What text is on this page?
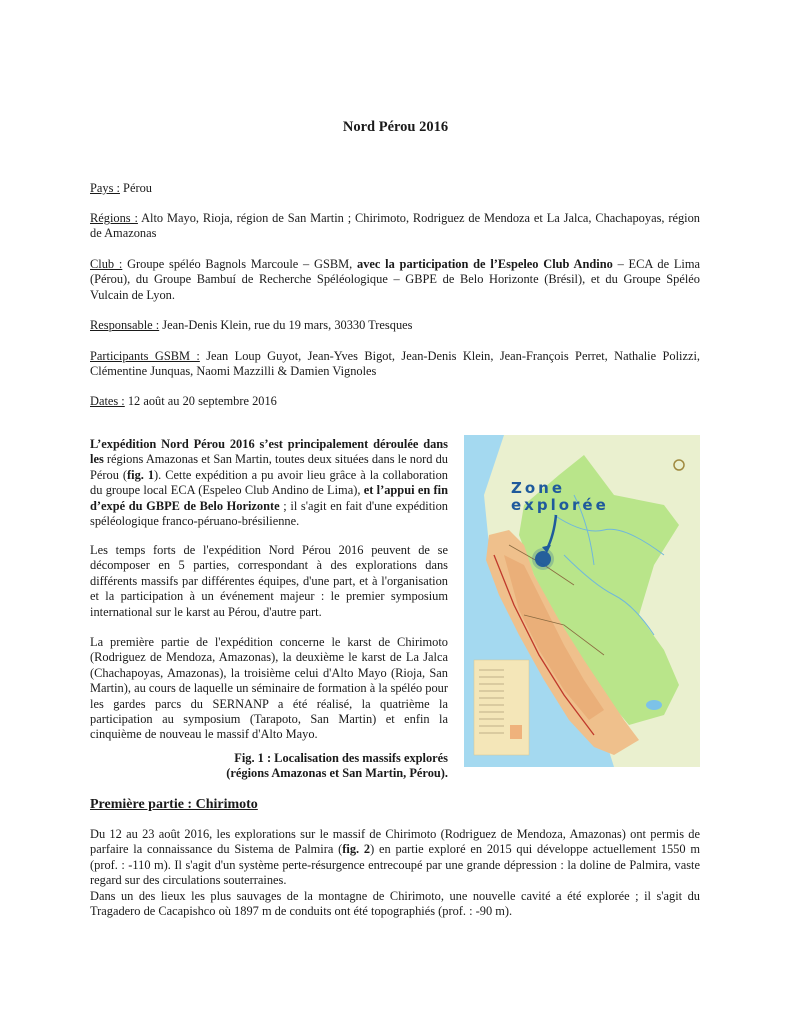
Nord Pérou 2016
Pays : Pérou
Régions : Alto Mayo, Rioja, région de San Martin ; Chirimoto, Rodriguez de Mendoza et La Jalca, Chachapoyas, région de Amazonas
Club : Groupe spéléo Bagnols Marcoule – GSBM, avec la participation de l’Espeleo Club Andino – ECA de Lima (Pérou), du Groupe Bambuí de Recherche Spéléologique – GBPE de Belo Horizonte (Brésil), et du Groupe Spéléo Vulcain de Lyon.
Responsable : Jean-Denis Klein, rue du 19 mars, 30330 Tresques
Participants GSBM : Jean Loup Guyot, Jean-Yves Bigot, Jean-Denis Klein, Jean-François Perret, Nathalie Polizzi, Clémentine Junquas, Naomi Mazzilli & Damien Vignoles
Dates : 12 août au 20 septembre 2016

L’expédition Nord Pérou 2016 s’est principalement déroulée dans les régions Amazonas et San Martin, toutes deux situées dans le nord du Pérou (fig. 1). Cette expédition a pu avoir lieu grâce à la collaboration du groupe local ECA (Espeleo Club Andino de Lima), et l’appui en fin d’expé du GBPE de Belo Horizonte ; il s'agit en fait d'une expédition spéléologique franco-péruano-brésilienne.

Les temps forts de l'expédition Nord Pérou 2016 peuvent de se décomposer en 5 parties, correspondant à des explorations dans différents massifs par différentes équipes, d'une part, et à l'organisation et la participation à un événement majeur : le premier symposium international sur le karst au Pérou, d'autre part.

La première partie de l'expédition concerne le karst de Chirimoto (Rodriguez de Mendoza, Amazonas), la deuxième le karst de La Jalca (Chachapoyas, Amazonas), la troisième celui d'Alto Mayo (Rioja, San Martin), au cours de laquelle un séminaire de formation à la spéléo pour les gardes parcs du SERNANP a été réalisé, la quatrième la participation au symposium (Tarapoto, San Martin) et enfin la cinquième de nouveau le massif d'Alto Mayo.

Fig. 1 : Localisation des massifs explorés
(régions Amazonas et San Martin, Pérou).
Zone
explorée
Première partie : Chirimoto

Du 12 au 23 août 2016, les explorations sur le massif de Chirimoto (Rodriguez de Mendoza, Amazonas) ont permis de parfaire la connaissance du Sistema de Palmira (fig. 2) en partie exploré en 2015 qui développe actuellement 1550 m (prof. : -110 m). Il s'agit d'un système perte-résurgence entrecoupé par une grande dépression : la doline de Palmira, vaste regard sur des circulations souterraines.

Dans un des lieux les plus sauvages de la montagne de Chirimoto, une nouvelle cavité a été explorée ; il s'agit du Tragadero de Cacapishco où 1897 m de conduits ont été topographiés (prof. : -90 m).
